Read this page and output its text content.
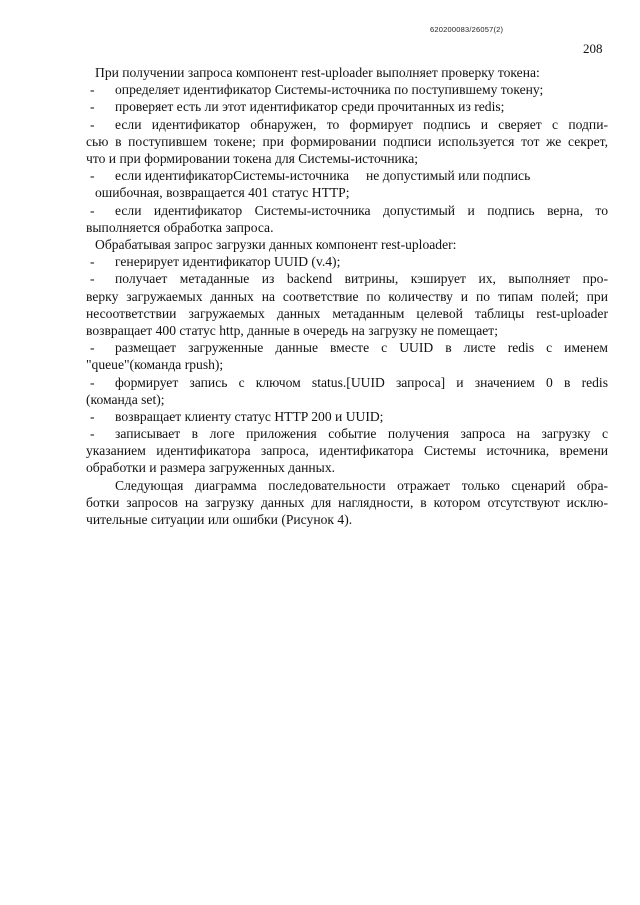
620200083/26057(2)
208
При получении запроса компонент rest-uploader выполняет проверку токена:
-	определяет идентификатор Системы-источника по поступившему токену;
-	проверяет есть ли этот идентификатор среди прочитанных из redis;
-	если идентификатор обнаружен, то формирует подпись и сверяет с подпи-
сью в поступившем токене; при формировании подписи используется тот же секрет,
что и при формировании токена для Системы-источника;
-	если идентификаторСистемы-источника     не допустимый или подпись
ошибочная, возвращается 401 статус HTTP;
-	если идентификатор Системы-источника допустимый и подпись верна, то
выполняется обработка запроса.
Обрабатывая запрос загрузки данных компонент rest-uploader:
-	генерирует идентификатор UUID (v.4);
-	получает метаданные из backend витрины, кэширует их, выполняет про-
верку загружаемых данных на соответствие по количеству и по типам полей; при
несоответствии загружаемых данных метаданным целевой таблицы rest-uploader
возвращает 400 статус http, данные в очередь на загрузку не помещает;
-	размещает загруженные данные вместе с UUID в листе redis с именем
"queue"(команда rpush);
-	формирует запись с ключом status.[UUID запроса] и значением 0 в redis
(команда set);
-	возвращает клиенту статус HTTP 200 и UUID;
-	записывает в логе приложения событие получения запроса на загрузку с
указанием идентификатора запроса, идентификатора Системы источника, времени
обработки и размера загруженных данных.
Следующая диаграмма последовательности отражает только сценарий обра-
ботки запросов на загрузку данных для наглядности, в котором отсутствуют исклю-
чительные ситуации или ошибки (Рисунок 4).
